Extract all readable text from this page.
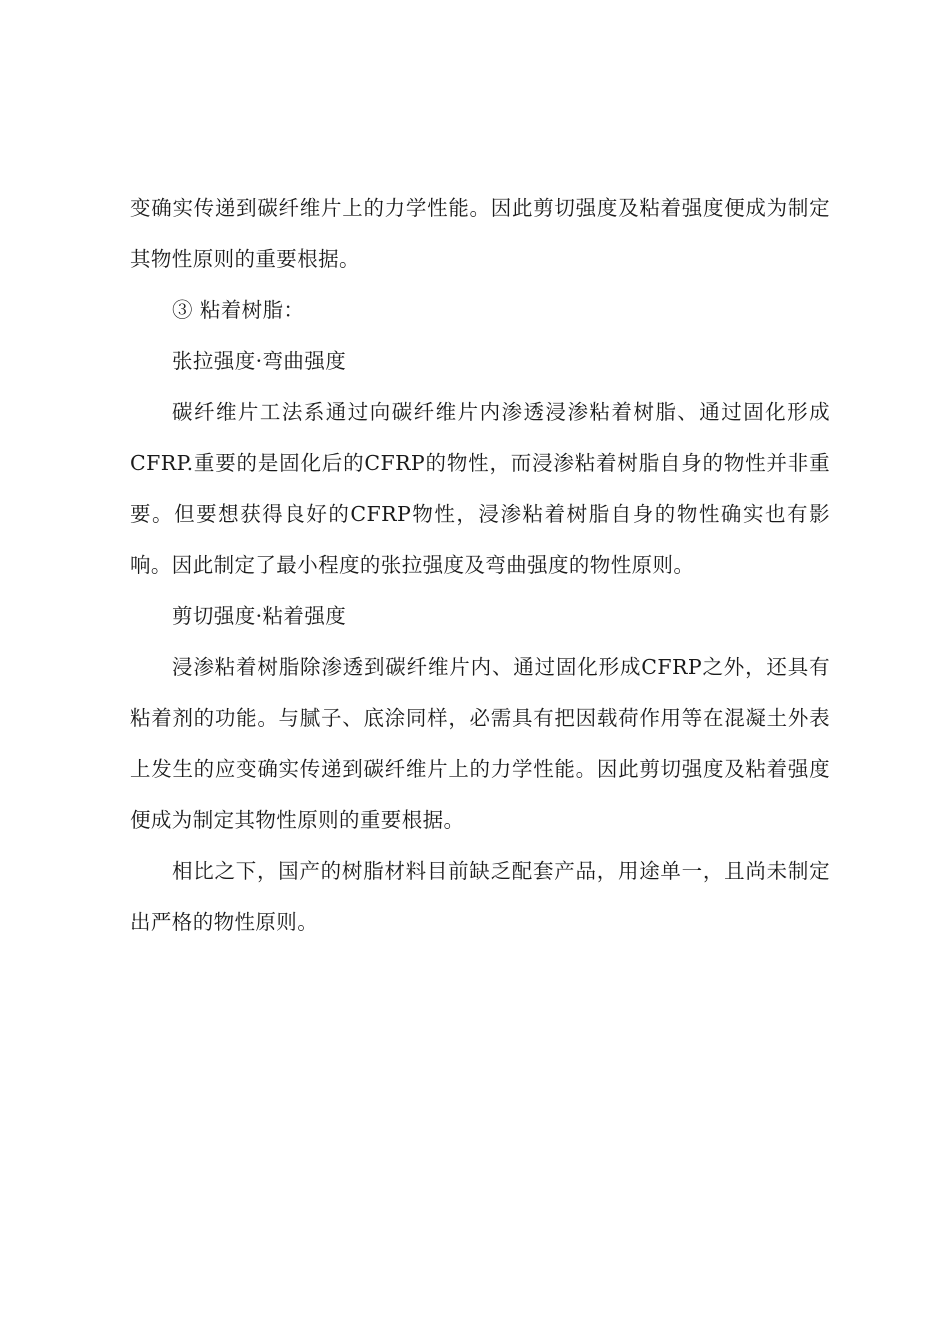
变确实传递到碳纤维片上的力学性能。因此剪切强度及粘着强度便成为制定其物性原则的重要根据。

③ 粘着树脂：

张拉强度·弯曲强度

碳纤维片工法系通过向碳纤维片内渗透浸渗粘着树脂、通过固化形成CFRP.重要的是固化后的CFRP的物性，而浸渗粘着树脂自身的物性并非重要。但要想获得良好的CFRP物性，浸渗粘着树脂自身的物性确实也有影响。因此制定了最小程度的张拉强度及弯曲强度的物性原则。

剪切强度·粘着强度

浸渗粘着树脂除渗透到碳纤维片内、通过固化形成CFRP之外，还具有粘着剂的功能。与腻子、底涂同样，必需具有把因载荷作用等在混凝土外表上发生的应变确实传递到碳纤维片上的力学性能。因此剪切强度及粘着强度便成为制定其物性原则的重要根据。

相比之下，国产的树脂材料目前缺乏配套产品，用途单一，且尚未制定出严格的物性原则。
